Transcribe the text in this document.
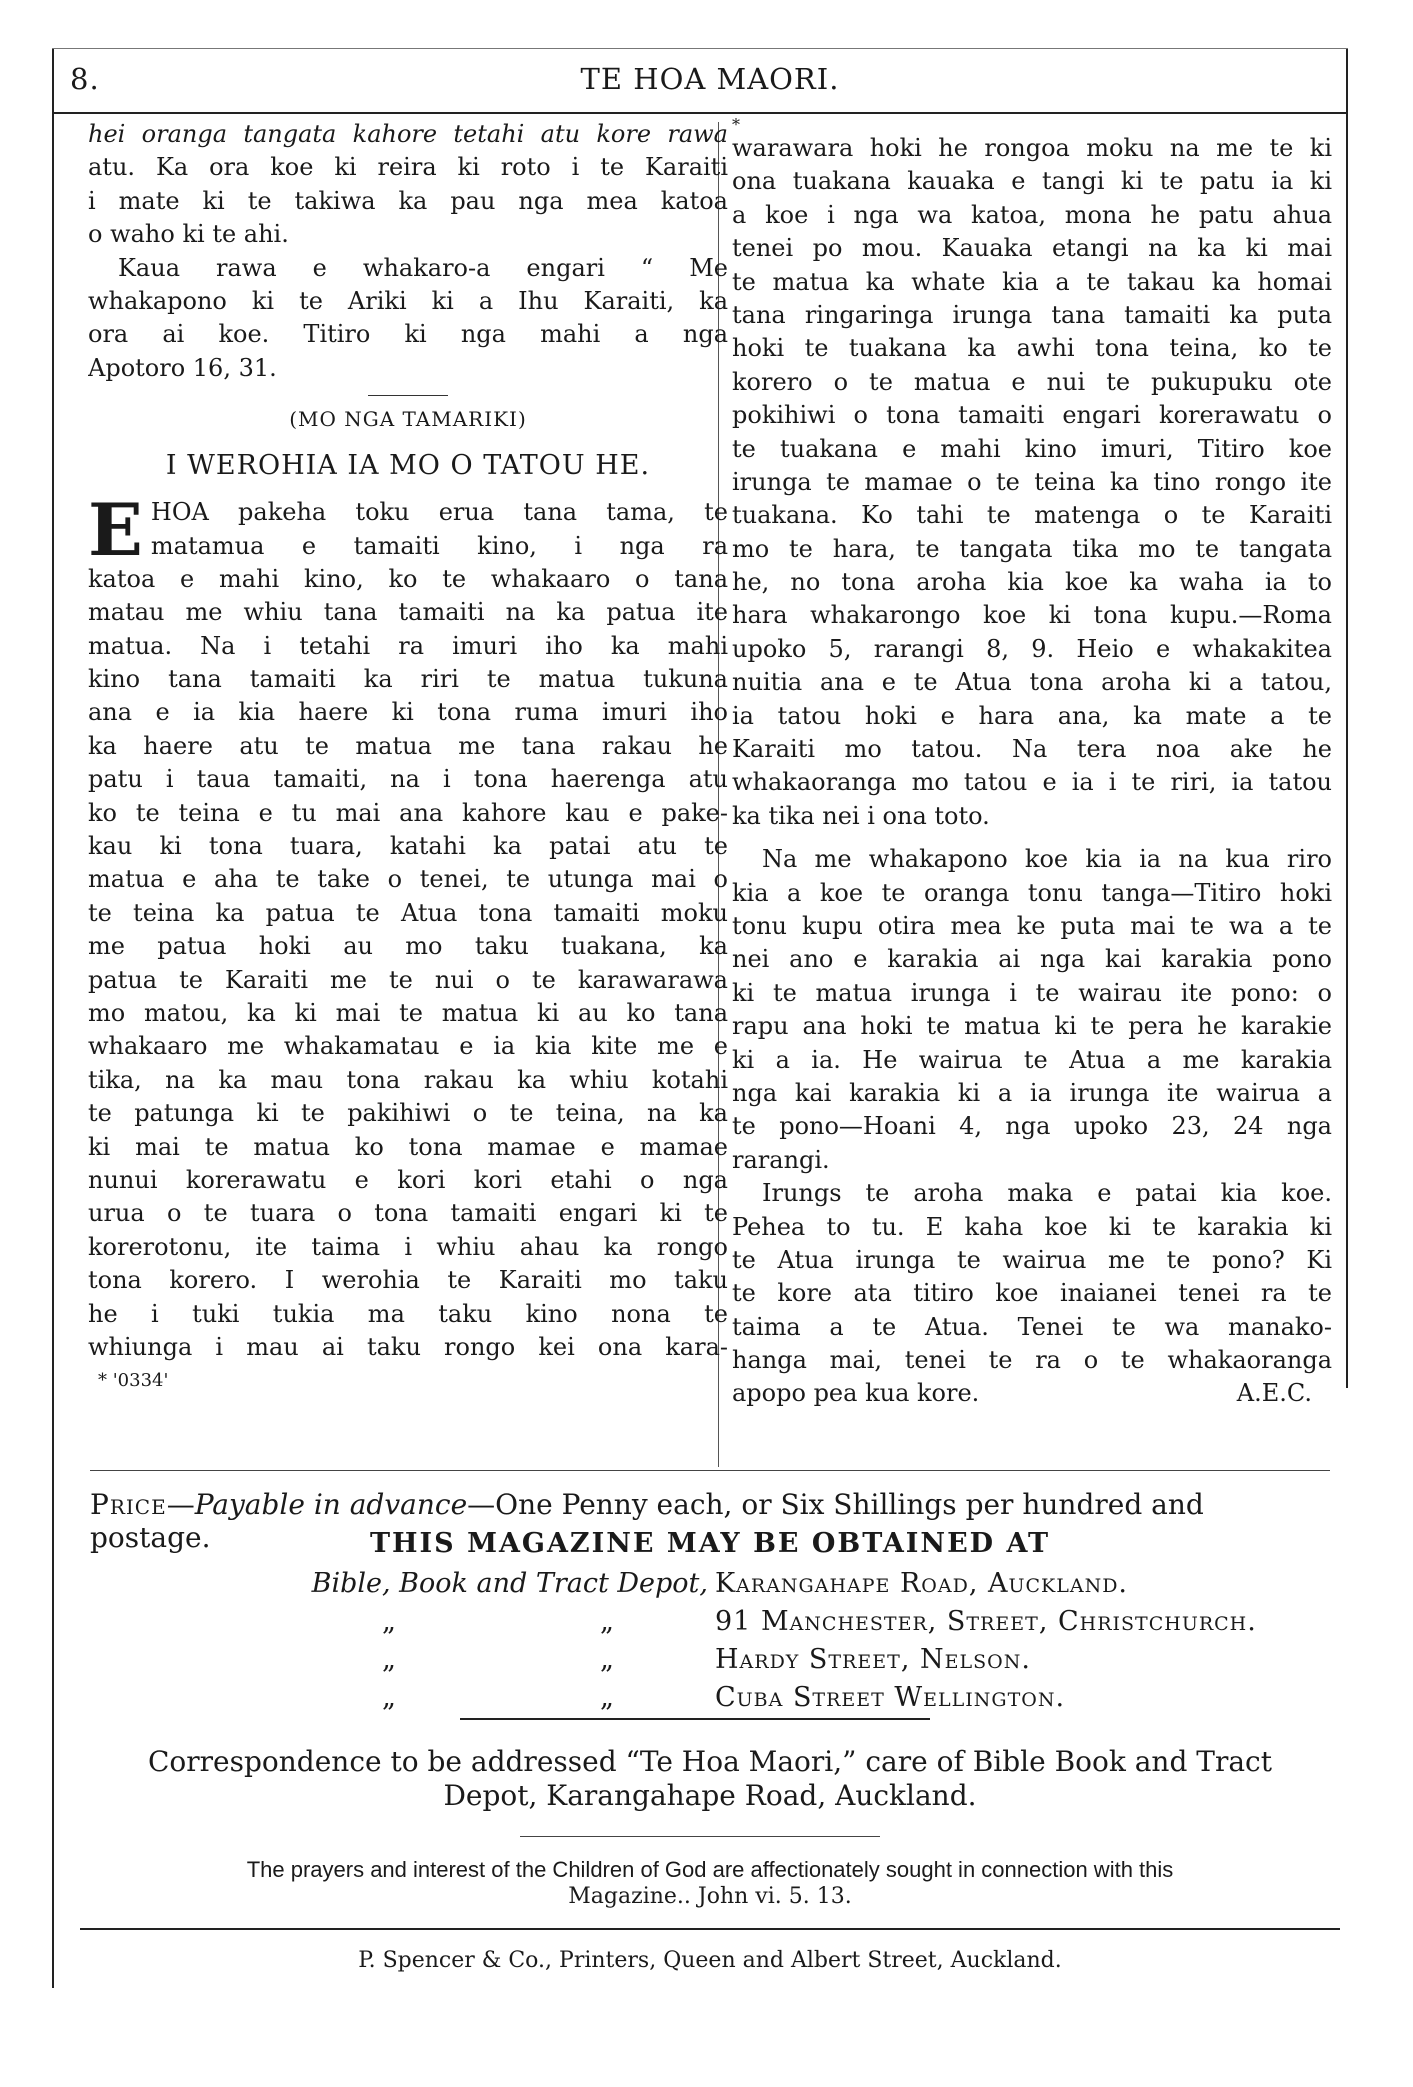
8.	TE HOA MAORI.
hei oranga tangata kahore tetahi atu kore rawa
atu. Ka ora koe ki reira ki roto i te Karaiti
i mate ki te takiwa ka pau nga mea katoa
o waho ki te ahi.
Kaua rawa e whakaro-a engari “ Me
whakapono ki te Ariki ki a Ihu Karaiti, ka
ora ai koe. Titiro ki nga mahi a nga
Apotoro 16, 31.
(MO NGA TAMARIKI)
I WEROHIA IA MO O TATOU HE.
E HOA pakeha toku erua tana tama, te
matamua e tamaiti kino, i nga ra
katoa e mahi kino, ko te whakaaro o tana
matau me whiu tana tamaiti na ka patua ite
matua. Na i tetahi ra imuri iho ka mahi
kino tana tamaiti ka riri te matua tukuna
ana e ia kia haere ki tona ruma imuri iho
ka haere atu te matua me tana rakau he
patu i taua tamaiti, na i tona haerenga atu
ko te teina e tu mai ana kahore kau e pake-
kau ki tona tuara, katahi ka patai atu te
matua e aha te take o tenei, te utunga mai o
te teina ka patua te Atua tona tamaiti moku
me patua hoki au mo taku tuakana, ka
patua te Karaiti me te nui o te karawarawa
mo matou, ka ki mai te matua ki au ko tana
whakaaro me whakamatau e ia kia kite me e
tika, na ka mau tona rakau ka whiu kotahi
te patunga ki te pakihiwi o te teina, na ka
ki mai te matua ko tona mamae e mamae
nunui korerawatu e kori kori etahi o nga
urua o te tuara o tona tamaiti engari ki te
korerotonu, ite taima i whiu ahau ka rongo
tona korero. I werohia te Karaiti mo taku
he i tuki tukia ma taku kino nona te
whiunga i mau ai taku rongo kei ona kara-
* '0334'
*
warawara hoki he rongoa moku na me te ki
ona tuakana kauaka e tangi ki te patu ia ki
a koe i nga wa katoa, mona he patu ahua
tenei po mou. Kauaka etangi na ka ki mai
te matua ka whate kia a te takau ka homai
tana ringaringa irunga tana tamaiti ka puta
hoki te tuakana ka awhi tona teina, ko te
korero o te matua e nui te pukupuku ote
pokihiwi o tona tamaiti engari korerawatu o
te tuakana e mahi kino imuri, Titiro koe
irunga te mamae o te teina ka tino rongo ite
tuakana. Ko tahi te matenga o te Karaiti
mo te hara, te tangata tika mo te tangata
he, no tona aroha kia koe ka waha ia to
hara whakarongo koe ki tona kupu.—Roma
upoko 5, rarangi 8, 9. Heio e whakakitea
nuitia ana e te Atua tona aroha ki a tatou,
ia tatou hoki e hara ana, ka mate a te
Karaiti mo tatou. Na tera noa ake he
whakaoranga mo tatou e ia i te riri, ia tatou
ka tika nei i ona toto.
Na me whakapono koe kia ia na kua riro
kia a koe te oranga tonu tanga—Titiro hoki
tonu kupu otira mea ke puta mai te wa a te
nei ano e karakia ai nga kai karakia pono
ki te matua irunga i te wairau ite pono: o
rapu ana hoki te matua ki te pera he karakie
ki a ia. He wairua te Atua a me karakia
nga kai karakia ki a ia irunga ite wairua a
te pono—Hoani 4, nga upoko 23, 24 nga
rarangi.
Irungs te aroha maka e patai kia koe.
Pehea to tu. E kaha koe ki te karakia ki
te Atua irunga te wairua me te pono? Ki
te kore ata titiro koe inaianei tenei ra te
taima a te Atua. Tenei te wa manako-
hanga mai, tenei te ra o te whakaoranga
apopo pea kua kore.	A.E.C.
Price—Payable in advance—One Penny each, or Six Shillings per hundred and postage.	THIS MAGAZINE MAY BE OBTAINED AT
Bible, Book and Tract Depot, Karangahape Road, Auckland.
„	„	91 Manchester, Street, Christchurch.
„	„	Hardy Street, Nelson.
„	„	Cuba Street Wellington.
Correspondence to be addressed “Te Hoa Maori,” care of Bible Book and Tract
Depot, Karangahape Road, Auckland.
The prayers and interest of the Children of God are affectionately sought in connection with this
Magazine.. John vi. 5. 13.
P. Spencer & Co., Printers, Queen and Albert Street, Auckland.
